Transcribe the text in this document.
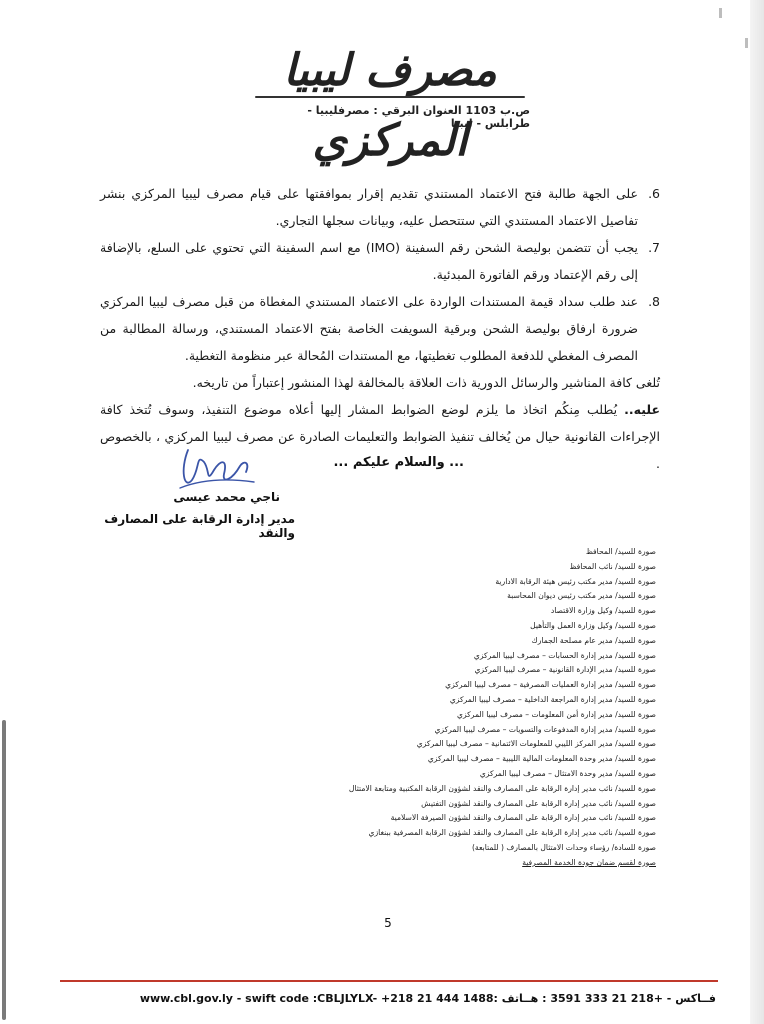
مصرف ليبيا المركزي
ص.ب 1103 العنوان البرقي : مصرفليبيا - طرابلس - ليبيا
6.
على الجهة طالبة فتح الاعتماد المستندي تقديم إقرار بموافقتها على قيام مصرف ليبيا المركزي بنشر تفاصيل الاعتماد المستندي التي ستتحصل عليه، وبيانات سجلها التجاري.
7.
يجب أن تتضمن بوليصة الشحن رقم السفينة (IMO) مع اسم السفينة التي تحتوي على السلع، بالإضافة إلى رقم الإعتماد ورقم الفاتورة المبدئية.
8.
عند طلب سداد قيمة المستندات الواردة على الاعتماد المستندي المغطاة من قبل مصرف ليبيا المركزي ضرورة ارفاق بوليصة الشحن وبرقية السويفت الخاصة بفتح الاعتماد المستندي، ورسالة المطالبة من المصرف المغطي للدفعة المطلوب تغطيتها، مع المستندات المُحالة عبر منظومة التغطية.
تُلغى كافة المناشير والرسائل الدورية ذات العلاقة بالمخالفة لهذا المنشور إعتباراً من تاريخه.
عليه.. يُطلب مِنكُم اتخاذ ما يلزم لوضع الضوابط المشار إليها أعلاه موضوع التنفيذ، وسوف تُتخذ كافة الإجراءات القانونية حيال من يُخالف تنفيذ الضوابط والتعليمات الصادرة عن مصرف ليبيا المركزي ، بالخصوص .
... والسلام عليكم ...
ناجي محمد عيسى
مدير إدارة الرقابة على المصارف والنقد
صورة للسيد/ المحافظ
صورة للسيد/ نائب المحافظ
صورة للسيد/ مدير مكتب رئيس هيئة الرقابة الادارية
صورة للسيد/ مدير مكتب رئيس ديوان المحاسبة
صورة للسيد/ وكيل وزارة الاقتصاد
صورة للسيد/ وكيل وزارة العمل والتأهيل
صورة للسيد/ مدير عام مصلحة الجمارك
صورة للسيد/ مدير إدارة الحسابات – مصرف ليبيا المركزي
صورة للسيد/ مدير الإدارة القانونية – مصرف ليبيا المركزي
صورة للسيد/ مدير إدارة العمليات المصرفية – مصرف ليبيا المركزي
صورة للسيد/ مدير إدارة المراجعة الداخلية – مصرف ليبيا المركزي
صورة للسيد/ مدير إدارة أمن المعلومات – مصرف ليبيا المركزي
صورة للسيد/ مدير إدارة المدفوعات والتسويات – مصرف ليبيا المركزي
صورة للسيد/ مدير المركز الليبي للمعلومات الائتمانية – مصرف ليبيا المركزي
صورة للسيد/ مدير وحدة المعلومات المالية الليبية – مصرف ليبيا المركزي
صورة للسيد/ مدير وحدة الامتثال – مصرف ليبيا المركزي
صورة للسيد/ نائب مدير إدارة الرقابة على المصارف والنقد لشؤون الرقابة المكتبية ومتابعة الامتثال
صورة للسيد/ نائب مدير إدارة الرقابة على المصارف والنقد لشؤون التفتيش
صورة للسيد/ نائب مدير إدارة الرقابة على المصارف والنقد لشؤون الصيرفة الاسلامية
صورة للسيد/ نائب مدير إدارة الرقابة على المصارف والنقد لشؤون الرقابة المصرفية ببنغازي
صورة للسادة/ رؤساء وحدات الامتثال بالمصارف ( للمتابعة)
صورة لقسم ضمان جودة الخدمة المصرفية
5
www.cbl.gov.ly - swift code :CBLJLYLX- +218 21 444 1488: فــاكس - +218 21 333 3591 : هــاتف
